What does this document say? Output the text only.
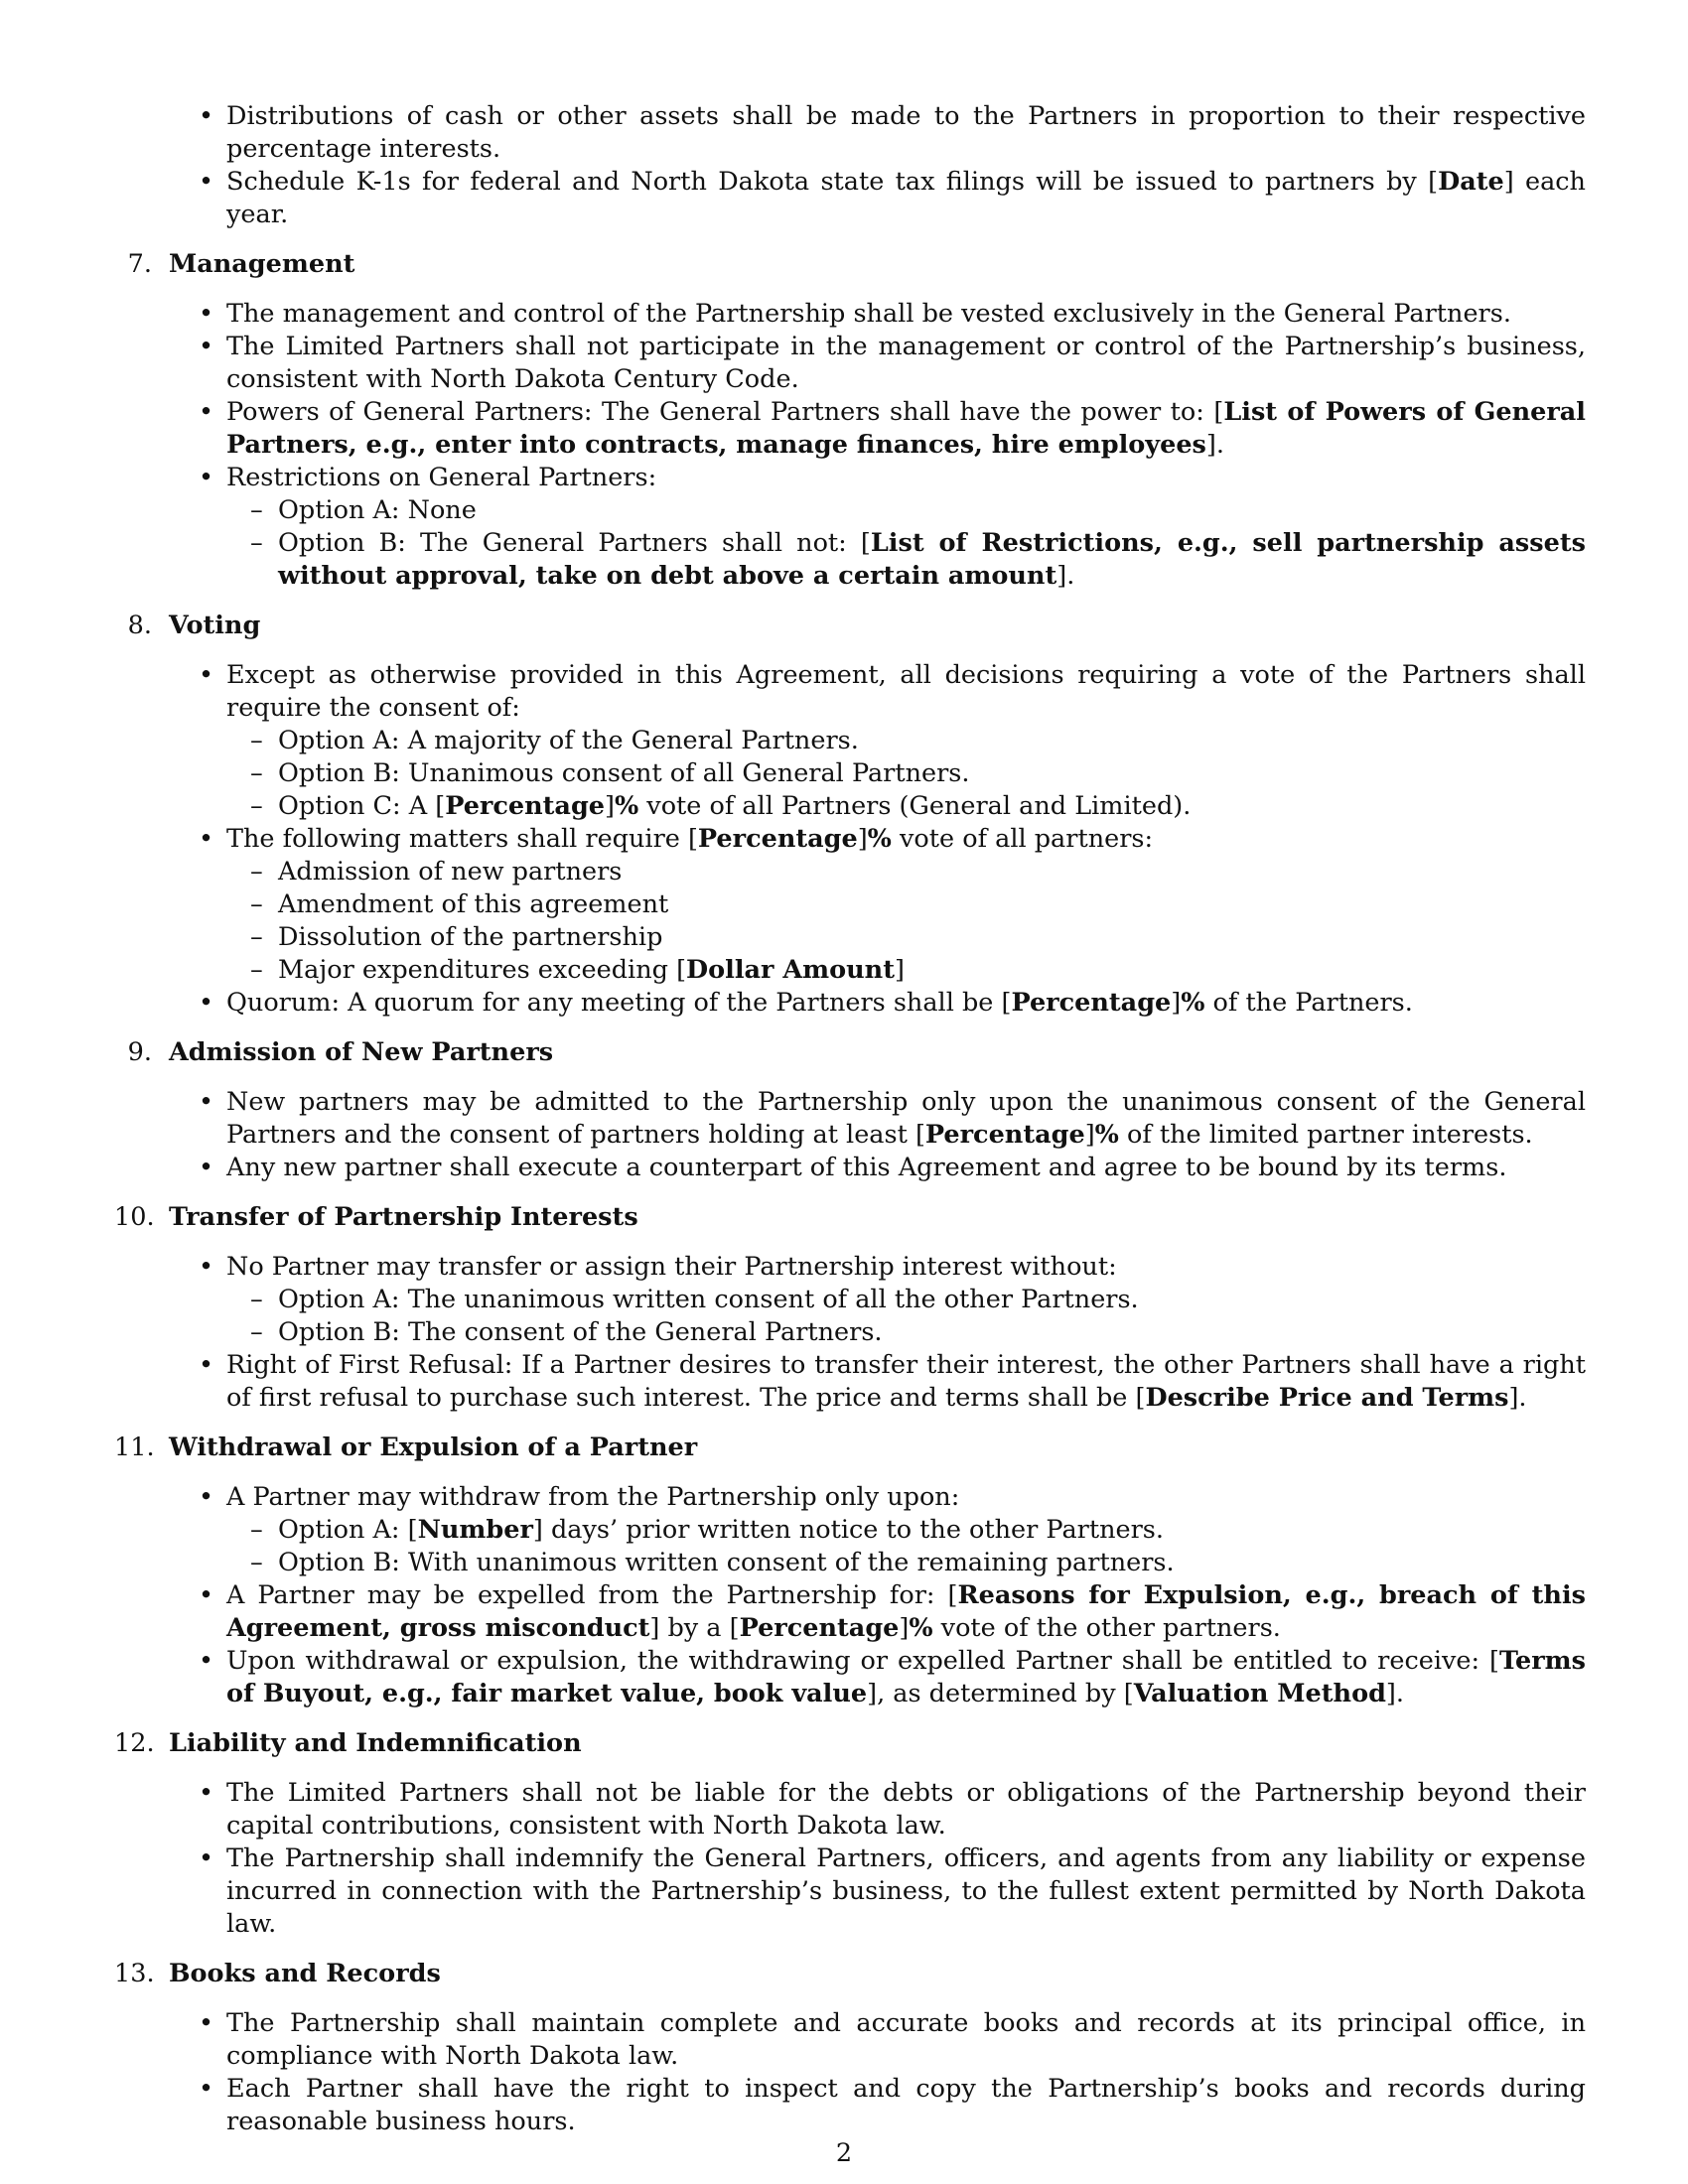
• Distributions of cash or other assets shall be made to the Partners in proportion to their respective percentage interests.
• Schedule K-1s for federal and North Dakota state tax filings will be issued to partners by [Date] each year.
7. Management
• The management and control of the Partnership shall be vested exclusively in the General Partners.
• The Limited Partners shall not participate in the management or control of the Partnership’s business, consistent with North Dakota Century Code.
• Powers of General Partners: The General Partners shall have the power to: [List of Powers of General Partners, e.g., enter into contracts, manage finances, hire employees].
• Restrictions on General Partners:
– Option A: None
– Option B: The General Partners shall not: [List of Restrictions, e.g., sell partnership assets without approval, take on debt above a certain amount].
8. Voting
• Except as otherwise provided in this Agreement, all decisions requiring a vote of the Partners shall require the consent of:
– Option A: A majority of the General Partners.
– Option B: Unanimous consent of all General Partners.
– Option C: A [Percentage]% vote of all Partners (General and Limited).
• The following matters shall require [Percentage]% vote of all partners:
– Admission of new partners
– Amendment of this agreement
– Dissolution of the partnership
– Major expenditures exceeding [Dollar Amount]
• Quorum: A quorum for any meeting of the Partners shall be [Percentage]% of the Partners.
9. Admission of New Partners
• New partners may be admitted to the Partnership only upon the unanimous consent of the General Partners and the consent of partners holding at least [Percentage]% of the limited partner interests.
• Any new partner shall execute a counterpart of this Agreement and agree to be bound by its terms.
10. Transfer of Partnership Interests
• No Partner may transfer or assign their Partnership interest without:
– Option A: The unanimous written consent of all the other Partners.
– Option B: The consent of the General Partners.
• Right of First Refusal: If a Partner desires to transfer their interest, the other Partners shall have a right of first refusal to purchase such interest. The price and terms shall be [Describe Price and Terms].
11. Withdrawal or Expulsion of a Partner
• A Partner may withdraw from the Partnership only upon:
– Option A: [Number] days’ prior written notice to the other Partners.
– Option B: With unanimous written consent of the remaining partners.
• A Partner may be expelled from the Partnership for: [Reasons for Expulsion, e.g., breach of this Agreement, gross misconduct] by a [Percentage]% vote of the other partners.
• Upon withdrawal or expulsion, the withdrawing or expelled Partner shall be entitled to receive: [Terms of Buyout, e.g., fair market value, book value], as determined by [Valuation Method].
12. Liability and Indemnification
• The Limited Partners shall not be liable for the debts or obligations of the Partnership beyond their capital contributions, consistent with North Dakota law.
• The Partnership shall indemnify the General Partners, officers, and agents from any liability or expense incurred in connection with the Partnership’s business, to the fullest extent permitted by North Dakota law.
13. Books and Records
• The Partnership shall maintain complete and accurate books and records at its principal office, in compliance with North Dakota law.
• Each Partner shall have the right to inspect and copy the Partnership’s books and records during reasonable business hours.
2
